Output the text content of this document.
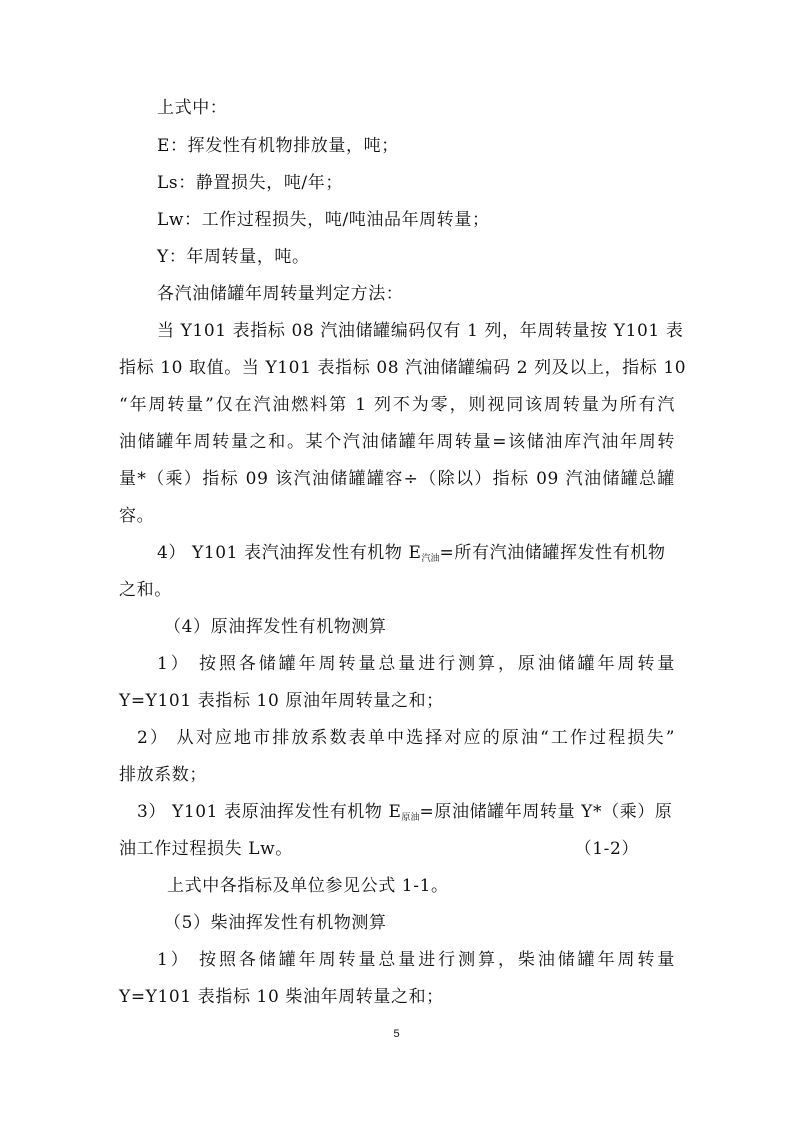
上式中：
E：挥发性有机物排放量，吨；
Ls：静置损失，吨/年；
Lw：工作过程损失，吨/吨油品年周转量；
Y：年周转量，吨。
各汽油储罐年周转量判定方法：
当 Y101 表指标 08 汽油储罐编码仅有 1 列，年周转量按 Y101 表
指标 10 取值。当 Y101 表指标 08 汽油储罐编码 2 列及以上，指标 10
“年周转量”仅在汽油燃料第 1 列不为零，则视同该周转量为所有汽
油储罐年周转量之和。某个汽油储罐年周转量=该储油库汽油年周转
量*（乘）指标 09 该汽油储罐罐容÷（除以）指标 09 汽油储罐总罐
容。
4） Y101 表汽油挥发性有机物 $E_{汽油}=$所有汽油储罐挥发性有机物
之和。
（4）原油挥发性有机物测算
1） 按照各储罐年周转量总量进行测算，原油储罐年周转量
Y=Y101 表指标 10 原油年周转量之和；
2） 从对应地市排放系数表单中选择对应的原油“工作过程损失”
排放系数；
3） Y101 表原油挥发性有机物 $E_{原油}=$原油储罐年周转量 Y*（乘）原
油工作过程损失 Lw。	（1-2）
上式中各指标及单位参见公式 1-1。
（5）柴油挥发性有机物测算
1） 按照各储罐年周转量总量进行测算，柴油储罐年周转量
Y=Y101 表指标 10 柴油年周转量之和；
5
